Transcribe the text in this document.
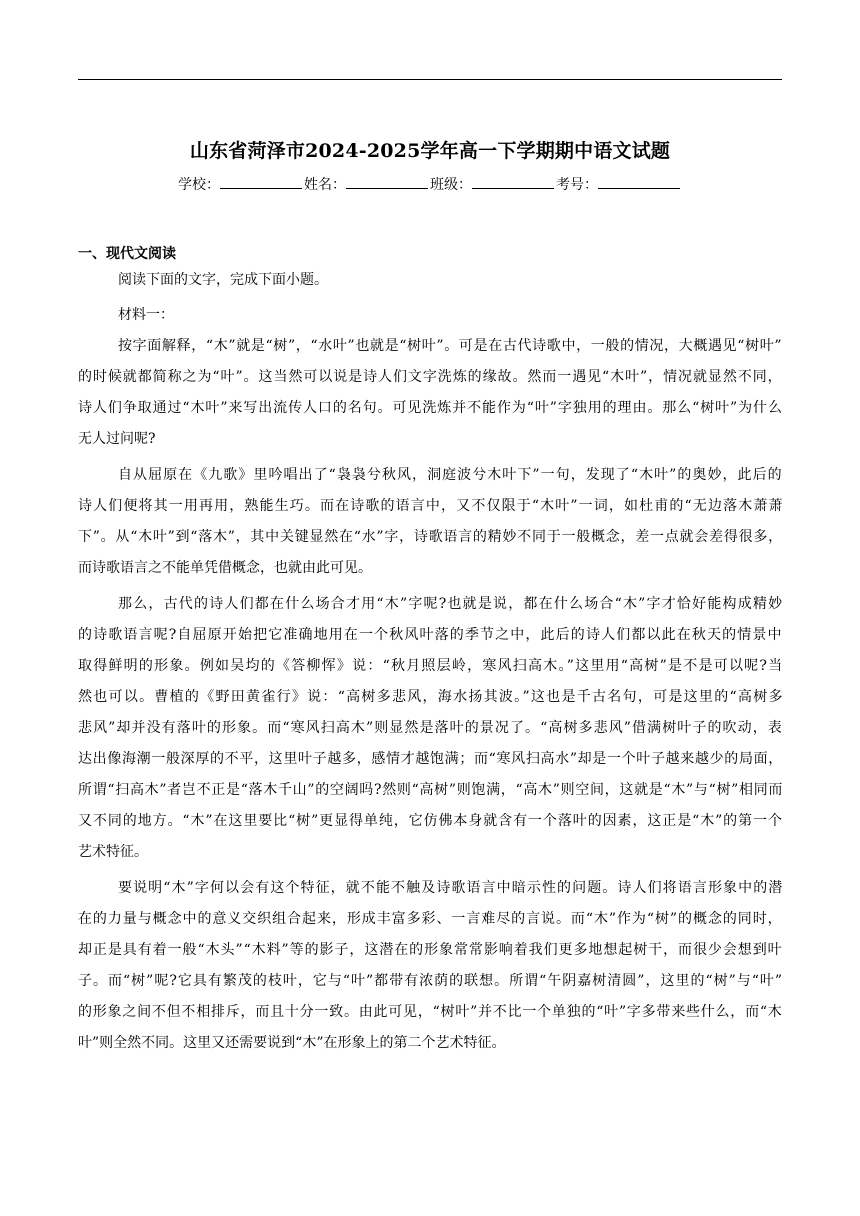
山东省菏泽市2024-2025学年高一下学期期中语文试题
学校：	姓名：	班级：	考号：
一、现代文阅读
阅读下面的文字，完成下面小题。
材料一：
按字面解释，“木”就是“树”，“水叶”也就是“树叶”。可是在古代诗歌中，一般的情况，大概遇见“树叶”
的时候就都简称之为“叶”。这当然可以说是诗人们文字洗炼的缘故。然而一遇见“木叶”，情况就显然不同，
诗人们争取通过“木叶”来写出流传人口的名句。可见洗炼并不能作为“叶”字独用的理由。那么“树叶”为什么
无人过问呢?
自从屈原在《九歌》里吟唱出了“袅袅兮秋风，洞庭波兮木叶下”一句，发现了“木叶”的奥妙，此后的
诗人们便将其一用再用，熟能生巧。而在诗歌的语言中，又不仅限于“木叶”一词，如杜甫的“无边落木萧萧
下”。从“木叶”到“落木”，其中关键显然在“水”字，诗歌语言的精妙不同于一般概念，差一点就会差得很多，
而诗歌语言之不能单凭借概念，也就由此可见。
那么，古代的诗人们都在什么场合才用“木”字呢?也就是说，都在什么场合“木”字才恰好能构成精妙
的诗歌语言呢?自屈原开始把它准确地用在一个秋风叶落的季节之中，此后的诗人们都以此在秋天的情景中
取得鲜明的形象。例如吴均的《答柳恽》说：“秋月照层岭，寒风扫高木。”这里用“高树”是不是可以呢?当
然也可以。曹植的《野田黄雀行》说：“高树多悲风，海水扬其波。”这也是千古名句，可是这里的“高树多
悲风”却并没有落叶的形象。而“寒风扫高木”则显然是落叶的景况了。“高树多悲风”借满树叶子的吹动，表
达出像海潮一般深厚的不平，这里叶子越多，感情才越饱满；而“寒风扫高水”却是一个叶子越来越少的局面，
所谓“扫高木”者岂不正是“落木千山”的空阔吗?然则“高树”则饱满，“高木”则空间，这就是“木”与“树”相同而
又不同的地方。“木”在这里要比“树”更显得单纯，它仿佛本身就含有一个落叶的因素，这正是“木”的第一个
艺术特征。
要说明“木”字何以会有这个特征，就不能不触及诗歌语言中暗示性的问题。诗人们将语言形象中的潜
在的力量与概念中的意义交织组合起来，形成丰富多彩、一言难尽的言说。而“木”作为“树”的概念的同时，
却正是具有着一般“木头”“木料”等的影子，这潜在的形象常常影响着我们更多地想起树干，而很少会想到叶
子。而“树”呢?它具有繁茂的枝叶，它与“叶”都带有浓荫的联想。所谓“午阴嘉树清圆”，这里的“树”与“叶”
的形象之间不但不相排斥，而且十分一致。由此可见，“树叶”并不比一个单独的“叶”字多带来些什么，而“木
叶”则全然不同。这里又还需要说到“木”在形象上的第二个艺术特征。
